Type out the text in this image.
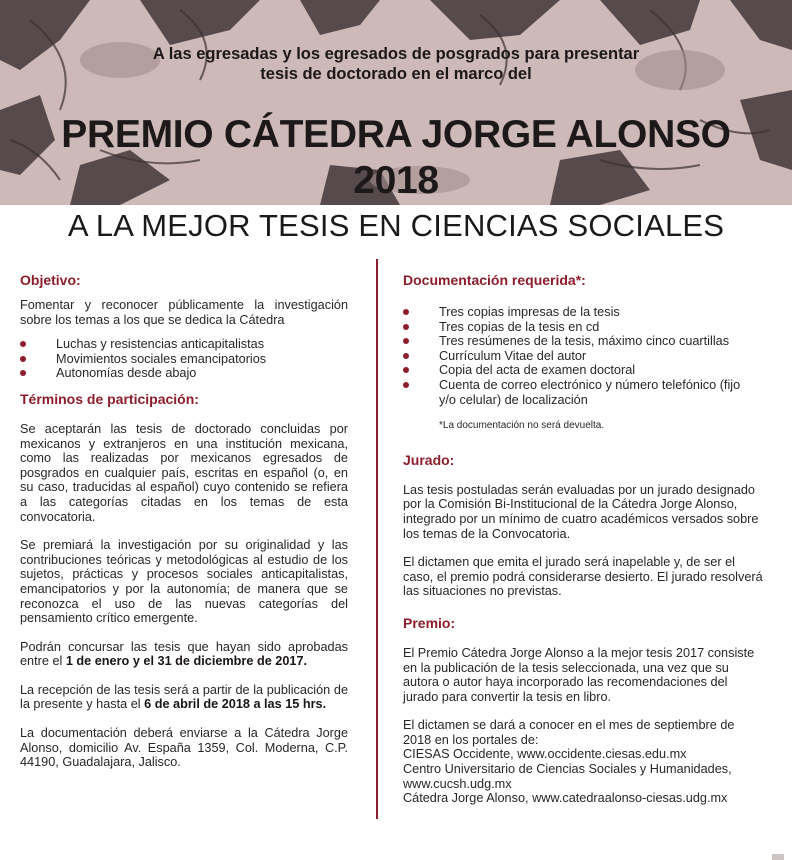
A las egresadas y los egresados de posgrados para presentar
tesis de doctorado en el marco del
PREMIO CÁTEDRA JORGE ALONSO
2018
A LA MEJOR TESIS EN CIENCIAS SOCIALES
Objetivo:

Fomentar y reconocer públicamente la investigación sobre los temas a los que se dedica la Cátedra

Luchas y resistencias anticapitalistas
Movimientos sociales emancipatorios
Autonomías desde abajo
Términos de participación:

Se aceptarán las tesis de doctorado concluidas por mexicanos y extranjeros en una institución mexicana, como las realizadas por mexicanos egresados de posgrados en cualquier país, escritas en español (o, en su caso, traducidas al español) cuyo contenido se refiera a las categorías citadas en los temas de esta convocatoria.

Se premiará la investigación por su originalidad y las contribuciones teóricas y metodológicas al estudio de los sujetos, prácticas y procesos sociales anticapitalistas, emancipatorios y por la autonomía; de manera que se reconozca el uso de las nuevas categorías del pensamiento crítico emergente.

Podrán concursar las tesis que hayan sido aprobadas entre el 1 de enero y el 31 de diciembre de 2017.

La recepción de las tesis será a partir de la publicación de la presente y hasta el 6 de abril de 2018 a las 15 hrs.

La documentación deberá enviarse a la Cátedra Jorge Alonso, domicilio Av. España 1359, Col. Moderna, C.P. 44190, Guadalajara, Jalisco.

Documentación requerida*:
Tres copias impresas de la tesis
Tres copias de la tesis en cd
Tres resúmenes de la tesis, máximo cinco cuartillas
Currículum Vitae del autor
Copia del acta de examen doctoral
Cuenta de correo electrónico y número telefónico (fijo y/o celular) de localización
*La documentación no será devuelta.
Jurado:

Las tesis postuladas serán evaluadas por un jurado designado por la Comisión Bi-Institucional de la Cátedra Jorge Alonso, integrado por un mínimo de cuatro académicos versados sobre los temas de la Convocatoria.

El dictamen que emita el jurado será inapelable y, de ser el caso, el premio podrá considerarse desierto. El jurado resolverá las situaciones no previstas.

Premio:

El Premio Cátedra Jorge Alonso a la mejor tesis 2017 consiste en la publicación de la tesis seleccionada, una vez que su autora o autor haya incorporado las recomendaciones del jurado para convertir la tesis en libro.

El dictamen se dará a conocer en el mes de septiembre de 2018 en los portales de:
CIESAS Occidente, www.occidente.ciesas.edu.mx
Centro Universitario de Ciencias Sociales y Humanidades, www.cucsh.udg.mx
Cátedra Jorge Alonso, www.catedraalonso-ciesas.udg.mx
